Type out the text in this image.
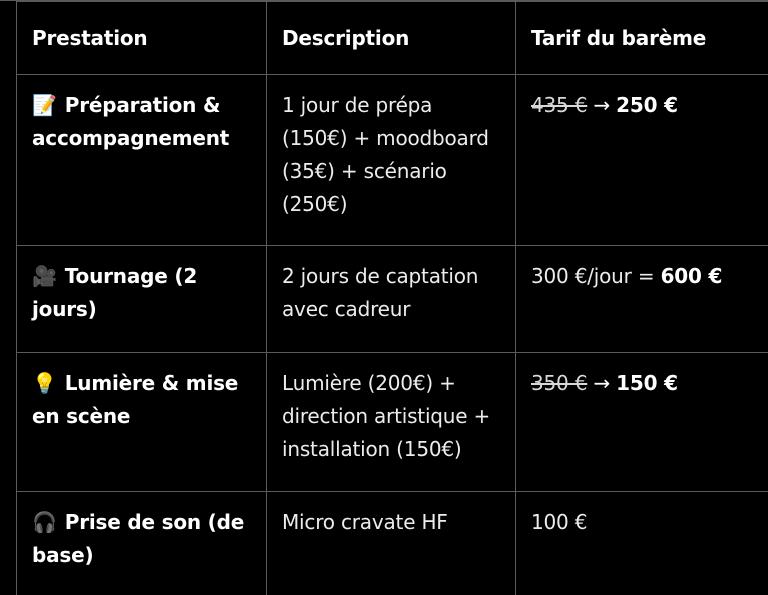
Prestation	Description	Tarif du barème
📝 Préparation & accompagnement	1 jour de prépa (150€) + moodboard (35€) + scénario (250€)	435 € → 250 €
🎥 Tournage (2 jours)	2 jours de captation avec cadreur	300 €/jour = 600 €
💡 Lumière & mise en scène	Lumière (200€) + direction artistique + installation (150€)	350 € → 150 €
🎧 Prise de son (de base)	Micro cravate HF	100 €
